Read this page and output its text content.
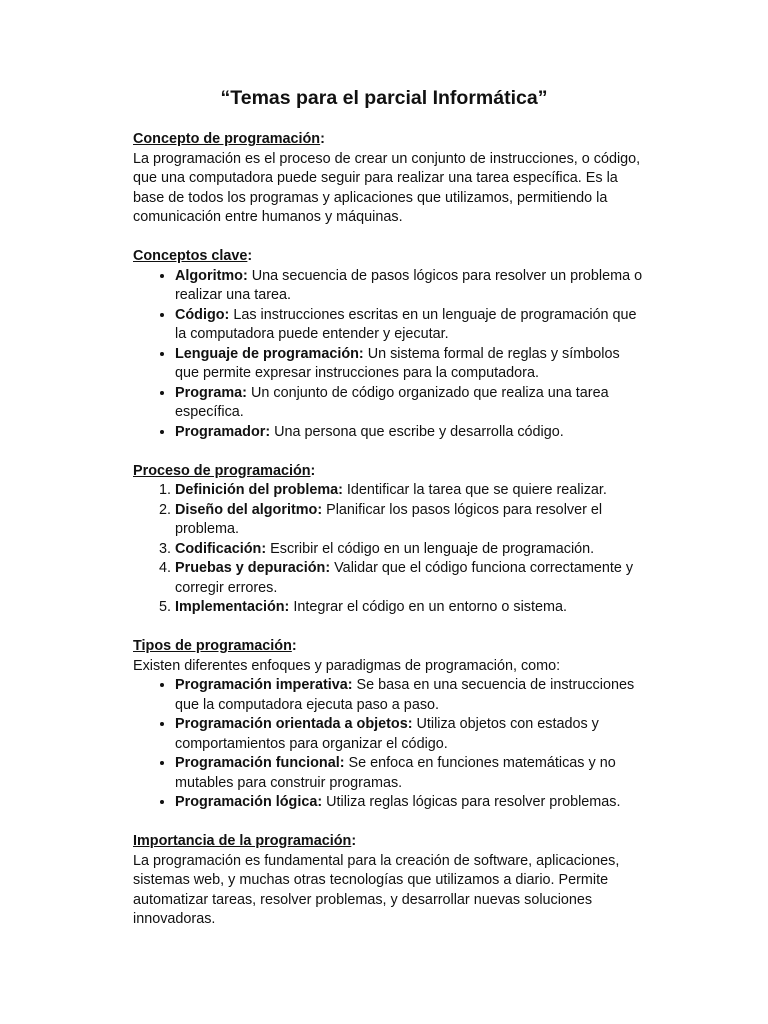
“Temas para el parcial Informática”

Concepto de programación:

La programación es el proceso de crear un conjunto de instrucciones, o código, que una computadora puede seguir para realizar una tarea específica. Es la base de todos los programas y aplicaciones que utilizamos, permitiendo la comunicación entre humanos y máquinas.

Conceptos clave:

• Algoritmo: Una secuencia de pasos lógicos para resolver un problema o realizar una tarea.
• Código: Las instrucciones escritas en un lenguaje de programación que la computadora puede entender y ejecutar.
• Lenguaje de programación: Un sistema formal de reglas y símbolos que permite expresar instrucciones para la computadora.
• Programa: Un conjunto de código organizado que realiza una tarea específica.
• Programador: Una persona que escribe y desarrolla código.

Proceso de programación:

1. Definición del problema: Identificar la tarea que se quiere realizar.
2. Diseño del algoritmo: Planificar los pasos lógicos para resolver el problema.
3. Codificación: Escribir el código en un lenguaje de programación.
4. Pruebas y depuración: Validar que el código funciona correctamente y corregir errores.
5. Implementación: Integrar el código en un entorno o sistema.

Tipos de programación:

Existen diferentes enfoques y paradigmas de programación, como:

• Programación imperativa: Se basa en una secuencia de instrucciones que la computadora ejecuta paso a paso.
• Programación orientada a objetos: Utiliza objetos con estados y comportamientos para organizar el código.
• Programación funcional: Se enfoca en funciones matemáticas y no mutables para construir programas.
• Programación lógica: Utiliza reglas lógicas para resolver problemas.

Importancia de la programación:

La programación es fundamental para la creación de software, aplicaciones, sistemas web, y muchas otras tecnologías que utilizamos a diario. Permite automatizar tareas, resolver problemas, y desarrollar nuevas soluciones innovadoras.
